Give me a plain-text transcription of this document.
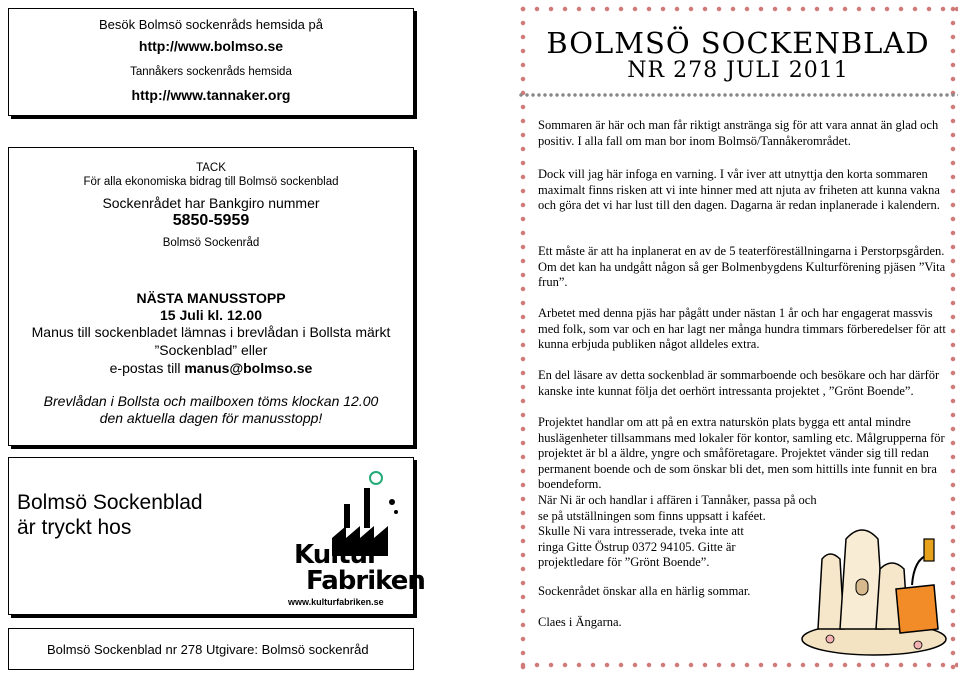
Besök Bolmsö sockenråds hemsida på
http://www.bolmso.se
Tannåkers sockenråds hemsida
http://www.tannaker.org
TACK
För alla ekonomiska bidrag till Bolmsö sockenblad
Sockenrådet har Bankgiro nummer
5850-5959
Bolmsö Sockenråd
NÄSTA MANUSSTOPP
15 Juli kl. 12.00
Manus till sockenbladet lämnas i brevlådan i Bollsta märkt
”Sockenblad” eller
e-postas till manus@bolmso.se
Brevlådan i Bollsta och mailboxen töms klockan 12.00
den aktuella dagen för manusstopp!
Bolmsö Sockenblad
är tryckt hos
Kultur
Fabriken
www.kulturfabriken.se
Bolmsö Sockenblad nr 278 Utgivare: Bolmsö sockenråd
BOLMSÖ SOCKENBLAD
NR 278 JULI 2011

Sommaren är här och man får riktigt anstränga sig för att vara annat än glad och positiv. I alla fall om man bor inom Bolmsö/Tannåkerområdet.

Dock vill jag här infoga en varning. I vår iver att utnyttja den korta sommaren maximalt finns risken att vi inte hinner med att njuta av friheten att kunna vakna och göra det vi har lust till den dagen. Dagarna är redan inplanerade i kalendern.

Ett måste är att ha inplanerat en av de 5 teaterföreställningarna i Perstorpsgården. Om det kan ha undgått någon så ger Bolmenbygdens Kulturförening pjäsen ”Vita frun”.

Arbetet med denna pjäs har pågått under nästan 1 år och har engagerat massvis med folk, som var och en har lagt ner många hundra timmars förberedelser för att kunna erbjuda publiken något alldeles extra.

En del läsare av detta sockenblad är sommarboende och besökare och har därför kanske inte kunnat följa det oerhört intressanta projektet , ”Grönt Boende”.

Projektet handlar om att på en extra naturskön plats bygga ett antal mindre huslägenheter tillsammans med lokaler för kontor, samling etc. Målgrupperna för projektet är bl a äldre, yngre och småföretagare. Projektet vänder sig till redan permanent boende och de som önskar bli det, men som hittills inte funnit en bra boendeform.

När Ni är och handlar i affären i Tannåker, passa på och se på utställningen som finns uppsatt i kaféet.

Skulle Ni vara intresserade, tveka inte att ringa Gitte Östrup 0372 94105. Gitte är projektledare för ”Grönt Boende”.

Sockenrådet önskar alla en härlig sommar.

Claes i Ängarna.
